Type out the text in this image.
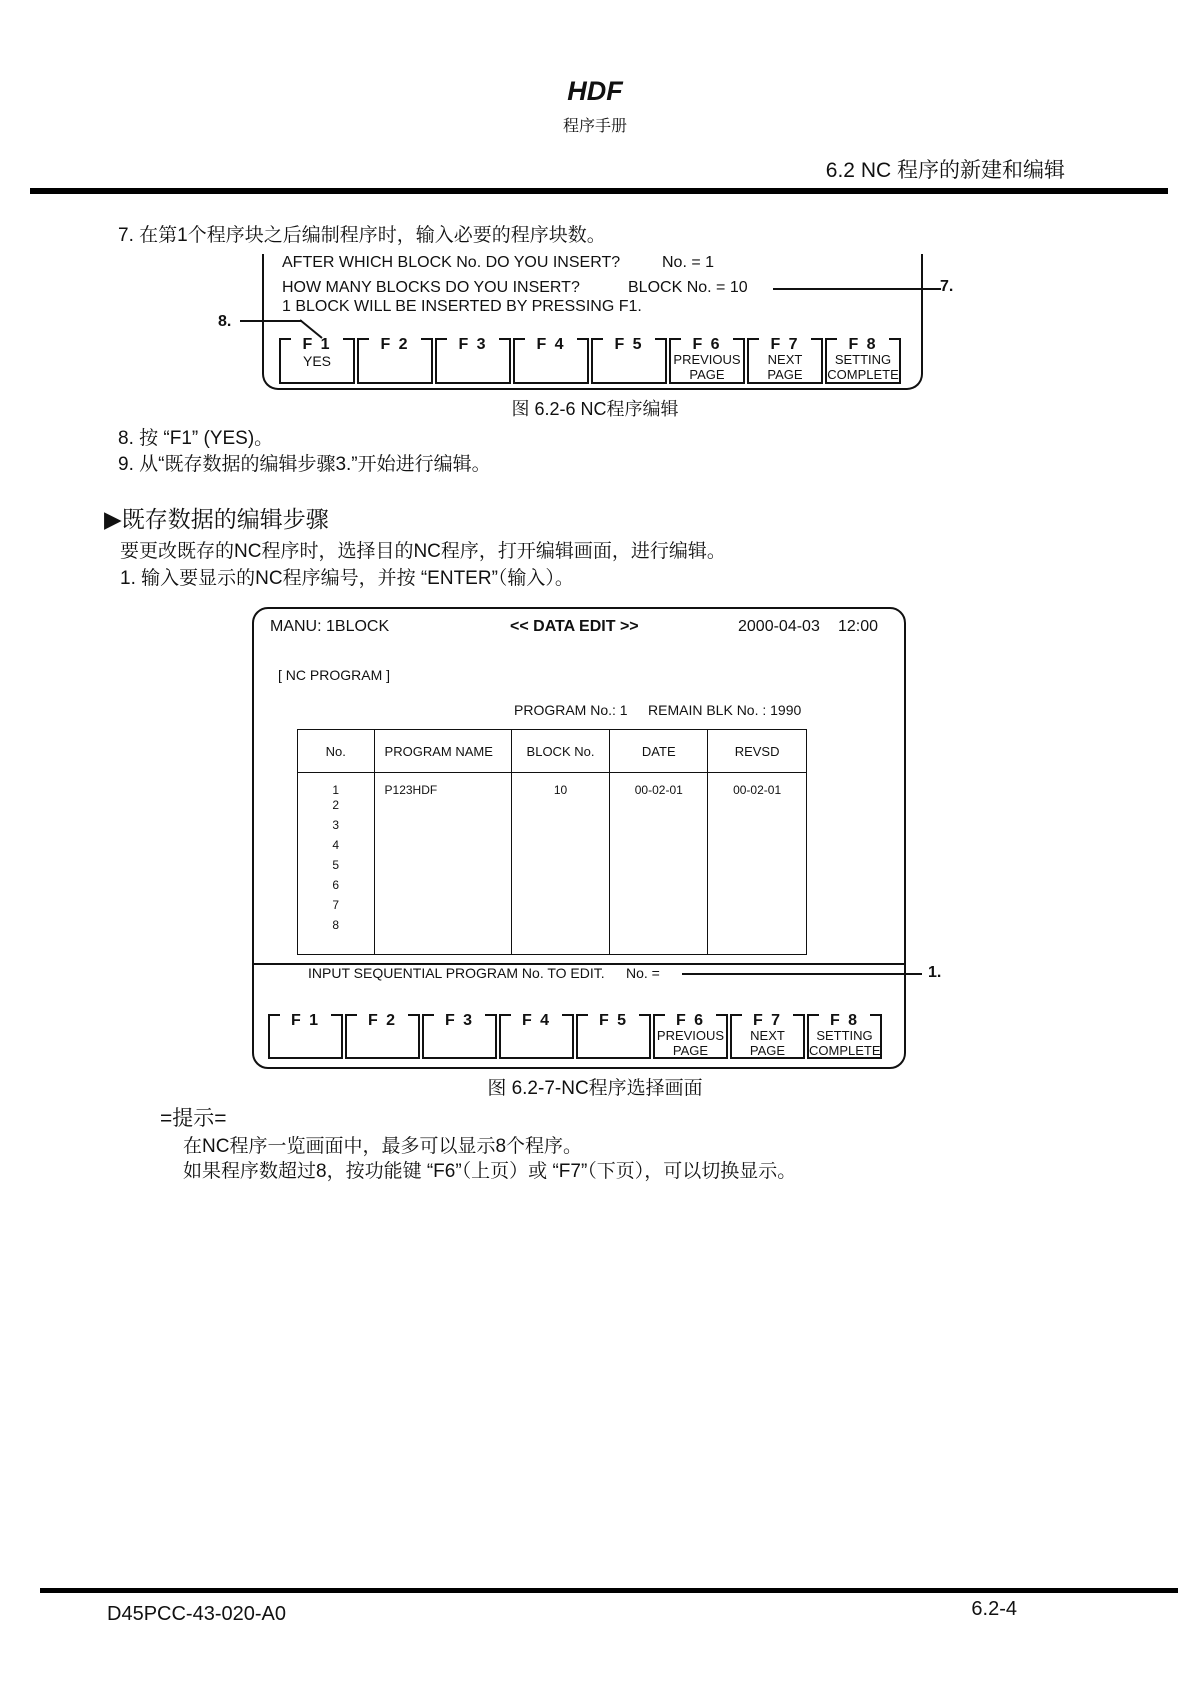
HDF
程序手册
6.2 NC 程序的新建和编辑
7. 在第1个程序块之后编制程序时，输入必要的程序块数。
AFTER WHICH BLOCK No. DO YOU INSERT?	No. = 1
HOW MANY BLOCKS DO YOU INSERT?	BLOCK No. = 10
1 BLOCK WILL BE INSERTED BY PRESSING F1.
7.
8.
F 1
YES
F 2	F 3	F 4	F 5	F 6
PREVIOUS
PAGE
F 7
NEXT
PAGE
F 8
SETTING
COMPLETE
图 6.2-6 NC程序编辑
8. 按 “F1” (YES)。
9. 从“既存数据的编辑步骤3.”开始进行编辑。
▶既存数据的编辑步骤
要更改既存的NC程序时，选择目的NC程序，打开编辑画面，进行编辑。
1. 输入要显示的NC程序编号，并按 “ENTER”（输入）。
MANU: 1BLOCK	<< DATA EDIT >>	2000-04-03 12:00
[ NC PROGRAM ]
PROGRAM No.: 1 REMAIN BLK No. : 1990
No.	PROGRAM NAME	BLOCK No.	DATE	REVSD
1	P123HDF	10	00-02-01	00-02-01
2				
3				
4				
5				
6				
7				
8				
INPUT SEQUENTIAL PROGRAM No. TO EDIT. No. =	1.
F 1	F 2	F 3	F 4	F 5	F 6
PREVIOUS
PAGE
F 7
NEXT
PAGE
F 8
SETTING
COMPLETE
图 6.2-7-NC程序选择画面
=提示=
在NC程序一览画面中，最多可以显示8个程序。
如果程序数超过8，按功能键 “F6”（上页）或 “F7”（下页），可以切换显示。
D45PCC-43-020-A0	6.2-4
